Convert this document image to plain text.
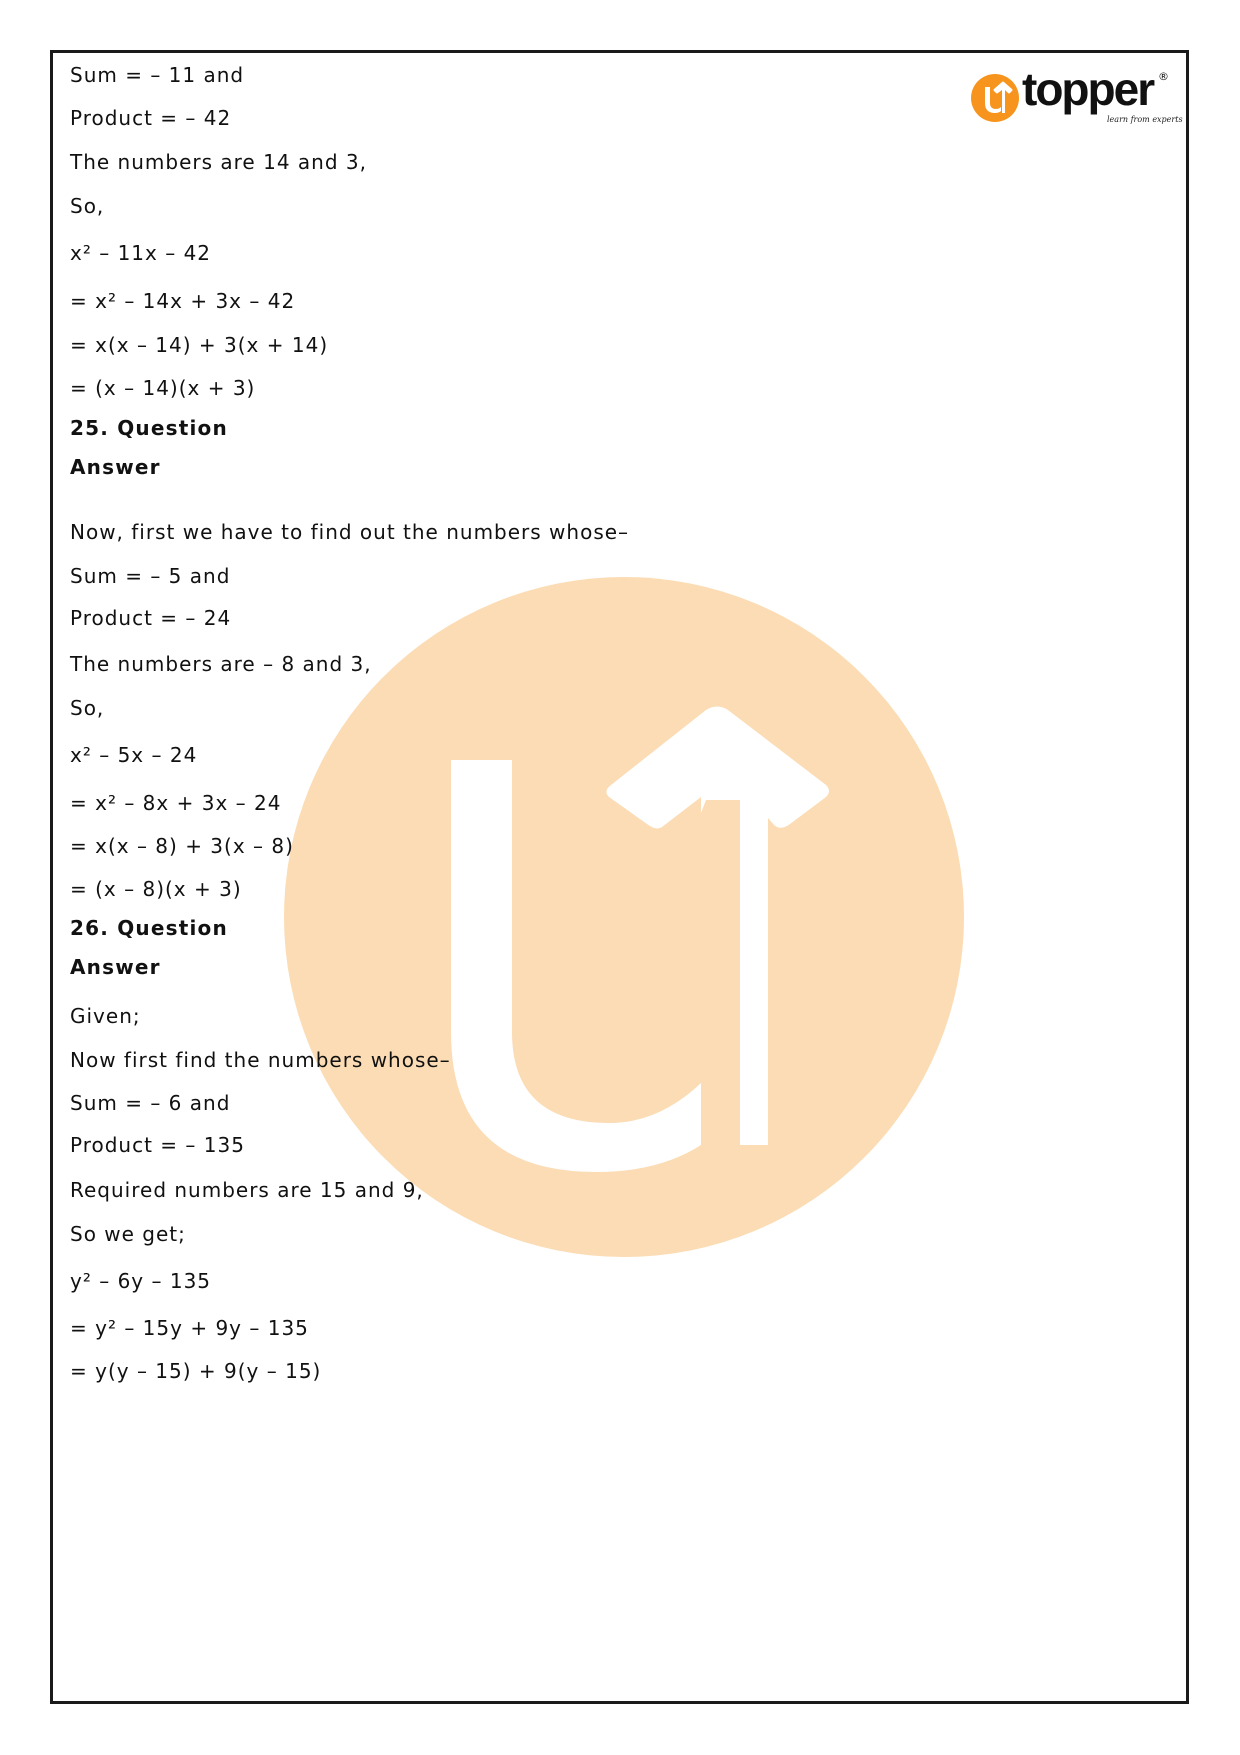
topper ®
learn from experts

Sum = – 11 and

Product = – 42

The numbers are 14 and 3,

So,

x² – 11x – 42

= x² – 14x + 3x – 42

= x(x – 14) + 3(x + 14)

= (x – 14)(x + 3)

25. Question

Answer

Now, first we have to find out the numbers whose–

Sum = – 5 and

Product = – 24

The numbers are – 8 and 3,

So,

x² – 5x – 24

= x² – 8x + 3x – 24

= x(x – 8) + 3(x – 8)

= (x – 8)(x + 3)

26. Question

Answer

Given;

Now first find the numbers whose–

Sum = – 6 and

Product = – 135

Required numbers are 15 and 9,

So we get;

y² – 6y – 135

= y² – 15y + 9y – 135

= y(y – 15) + 9(y – 15)
